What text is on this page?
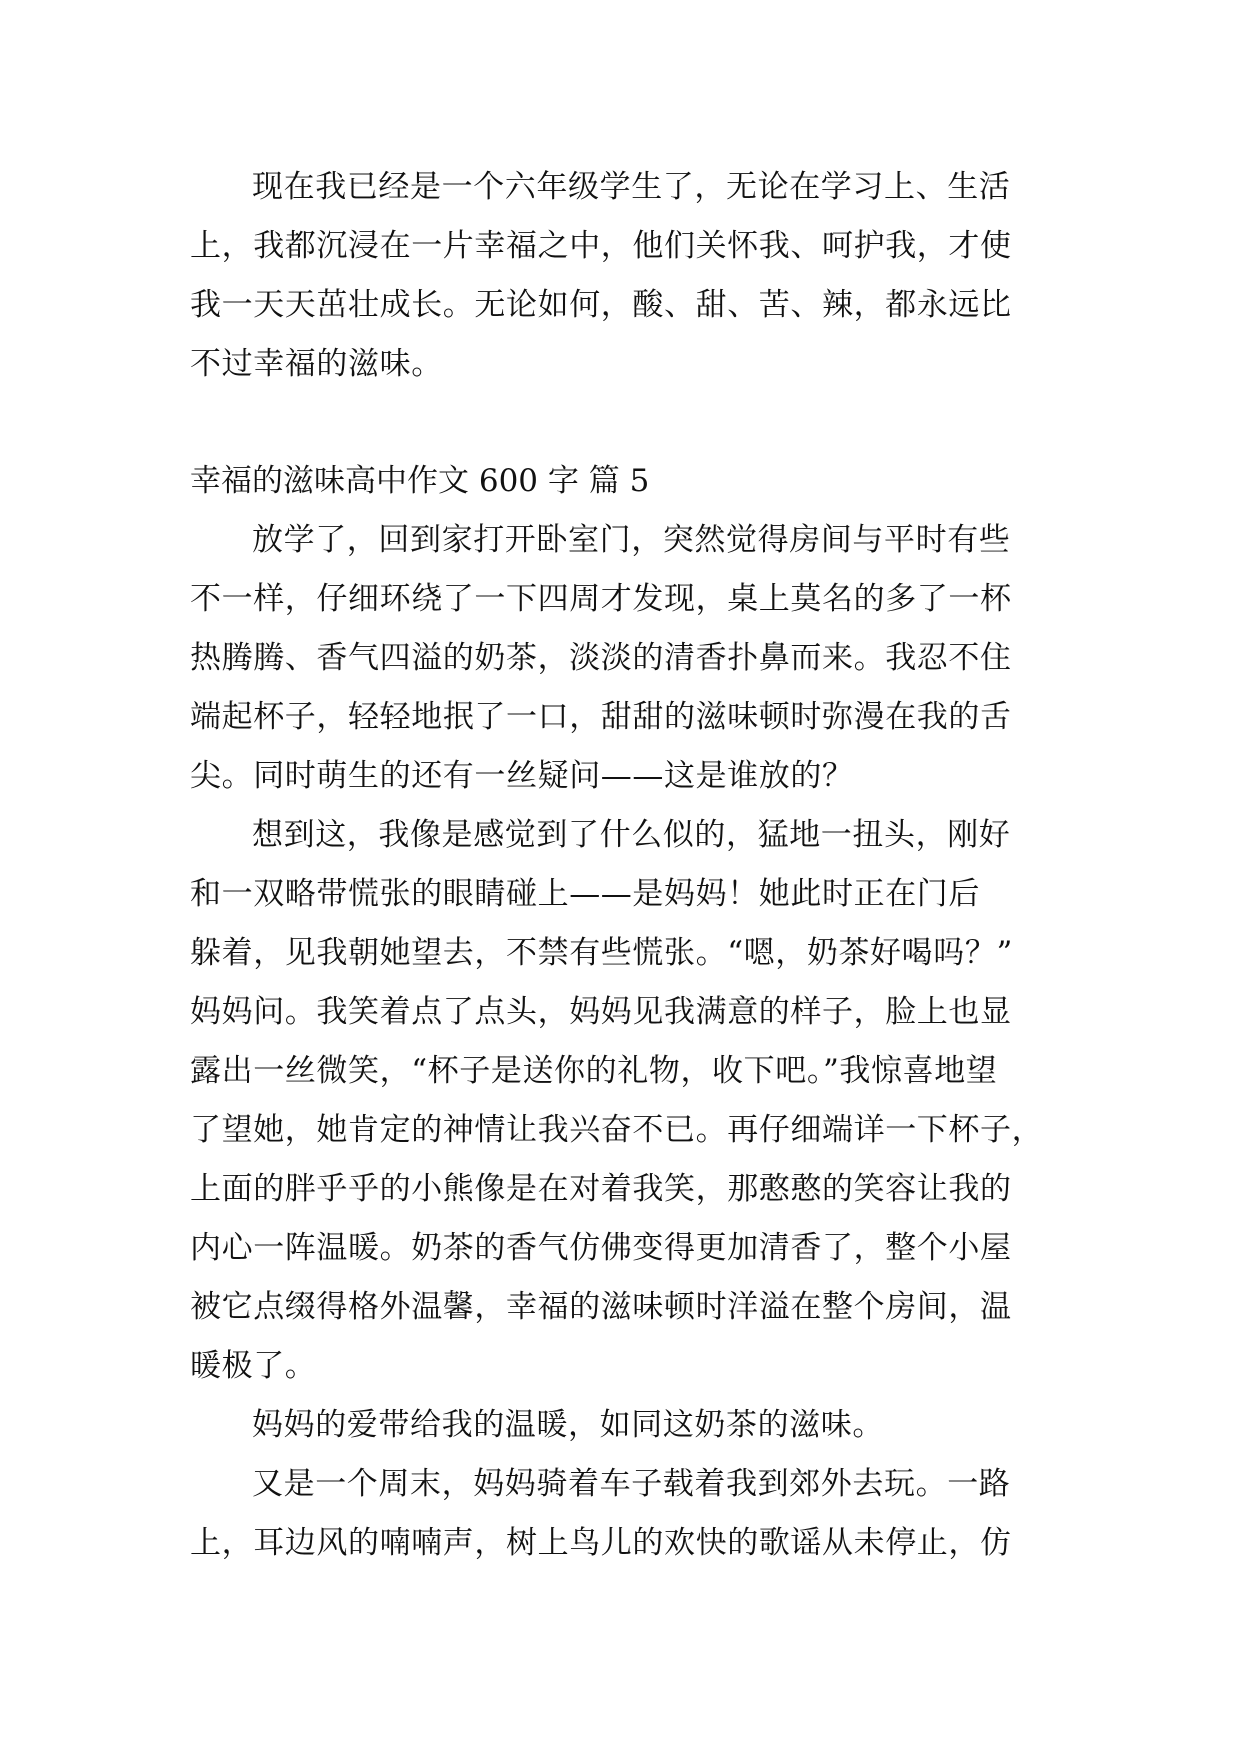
现在我已经是一个六年级学生了，无论在学习上、生活
上，我都沉浸在一片幸福之中，他们关怀我、呵护我，才使
我一天天茁壮成长。无论如何，酸、甜、苦、辣，都永远比
不过幸福的滋味。
幸福的滋味高中作文 600 字 篇 5
放学了，回到家打开卧室门，突然觉得房间与平时有些
不一样，仔细环绕了一下四周才发现，桌上莫名的多了一杯
热腾腾、香气四溢的奶茶，淡淡的清香扑鼻而来。我忍不住
端起杯子，轻轻地抿了一口，甜甜的滋味顿时弥漫在我的舌
尖。同时萌生的还有一丝疑问——这是谁放的？
想到这，我像是感觉到了什么似的，猛地一扭头，刚好
和一双略带慌张的眼睛碰上——是妈妈！她此时正在门后
躲着，见我朝她望去，不禁有些慌张。“嗯，奶茶好喝吗？”
妈妈问。我笑着点了点头，妈妈见我满意的样子，脸上也显
露出一丝微笑，“杯子是送你的礼物，收下吧。”我惊喜地望
了望她，她肯定的神情让我兴奋不已。再仔细端详一下杯子，
上面的胖乎乎的小熊像是在对着我笑，那憨憨的笑容让我的
内心一阵温暖。奶茶的香气仿佛变得更加清香了，整个小屋
被它点缀得格外温馨，幸福的滋味顿时洋溢在整个房间，温
暖极了。
妈妈的爱带给我的温暖，如同这奶茶的滋味。
又是一个周末，妈妈骑着车子载着我到郊外去玩。一路
上，耳边风的喃喃声，树上鸟儿的欢快的歌谣从未停止，仿
